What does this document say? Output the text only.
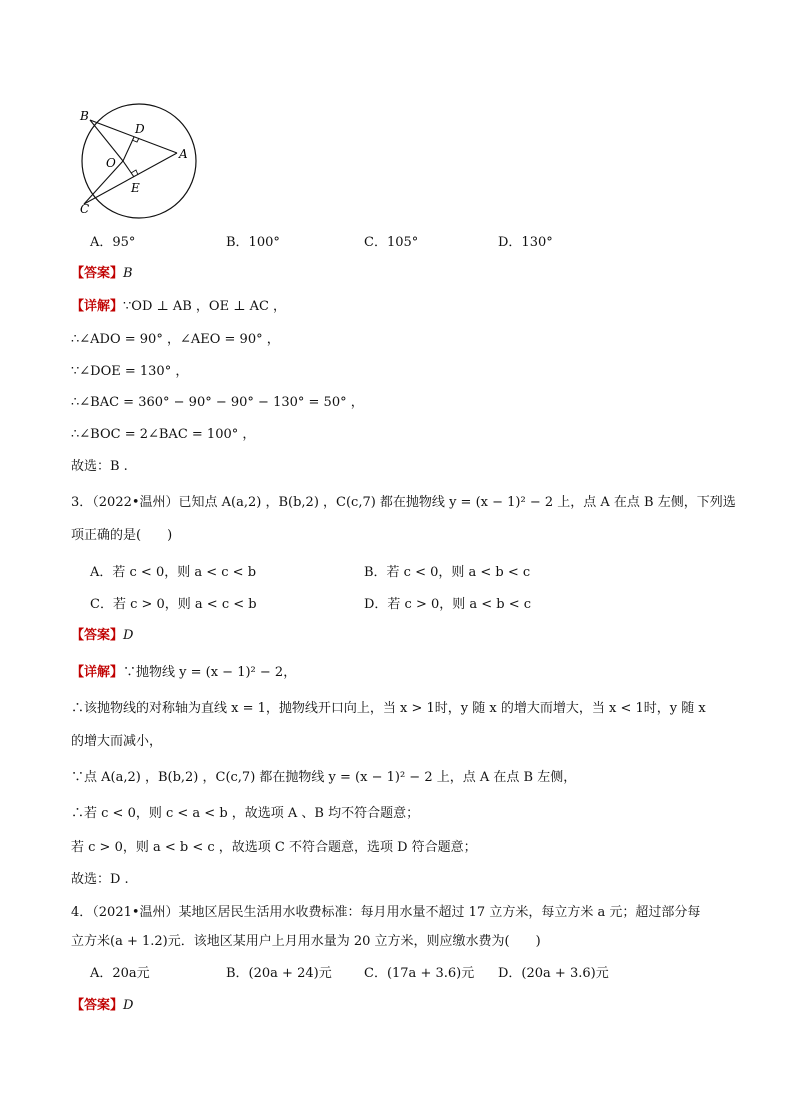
B
D
O
A
E
C
A．95°	B．100°	C．105°	D．130°
【答案】B
【详解】∵OD ⊥ AB ，OE ⊥ AC ，
∴∠ADO = 90° ，∠AEO = 90° ，
∵∠DOE = 130° ，
∴∠BAC = 360° − 90° − 90° − 130° = 50° ，
∴∠BOC = 2∠BAC = 100° ，
故选：B .
3．（2022•温州）已知点 A(a,2) ，B(b,2) ，C(c,7) 都在抛物线 y = (x − 1)² − 2 上，点 A 在点 B 左侧，下列选
项正确的是(　　)
A．若 c < 0，则 a < c < b	B．若 c < 0，则 a < b < c
C．若 c > 0，则 a < c < b	D．若 c > 0，则 a < b < c
【答案】D
【详解】∵抛物线 y = (x − 1)² − 2，
∴该抛物线的对称轴为直线 x = 1，抛物线开口向上，当 x > 1时，y 随 x 的增大而增大，当 x < 1时，y 随 x
的增大而减小，
∵点 A(a,2) ，B(b,2) ，C(c,7) 都在抛物线 y = (x − 1)² − 2 上，点 A 在点 B 左侧，
∴若 c < 0，则 c < a < b ，故选项 A 、B 均不符合题意；
若 c > 0，则 a < b < c ，故选项 C 不符合题意，选项 D 符合题意；
故选：D .
4．（2021•温州）某地区居民生活用水收费标准：每月用水量不超过 17 立方米，每立方米 a 元；超过部分每
立方米(a + 1.2)元．该地区某用户上月用水量为 20 立方米，则应缴水费为(　　)
A．20a元	B．(20a + 24)元 C．(17a + 3.6)元 D．(20a + 3.6)元
【答案】D
